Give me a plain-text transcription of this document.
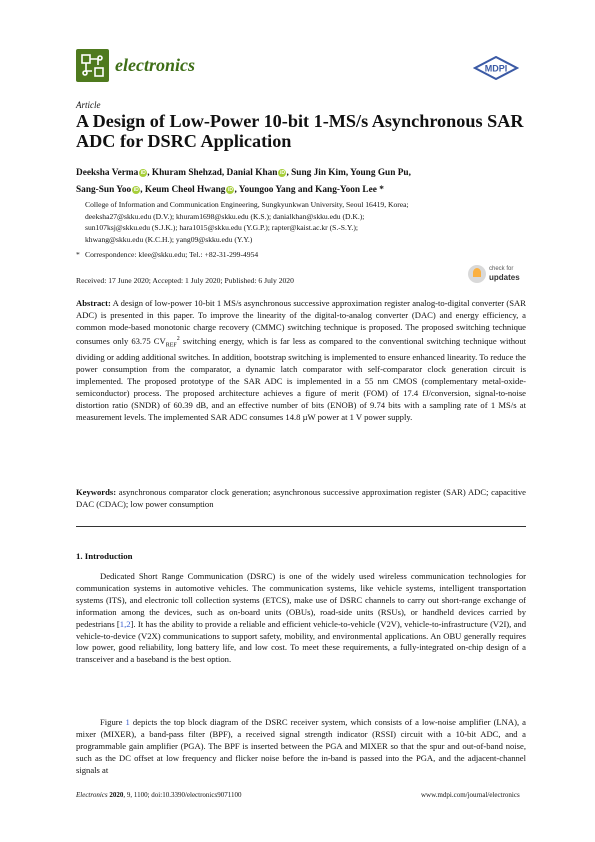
electronics	MDPI
Article
A Design of Low-Power 10-bit 1-MS/s Asynchronous SAR ADC for DSRC Application
Deeksha Verma iD , Khuram Shehzad, Danial Khan iD , Sung Jin Kim, Young Gun Pu,
Sang-Sun Yoo iD , Keum Cheol Hwang iD , Youngoo Yang and Kang-Yoon Lee *

College of Information and Communication Engineering, Sungkyunkwan University, Seoul 16419, Korea;

deeksha27@skku.edu (D.V.); khuram1698@skku.edu (K.S.); danialkhan@skku.edu (D.K.);

sun107ksj@skku.edu (S.J.K.); hara1015@skku.edu (Y.G.P.); rapter@kaist.ac.kr (S.-S.Y.);

khwang@skku.edu (K.C.H.); yang09@skku.edu (Y.Y.)

* Correspondence: klee@skku.edu; Tel.: +82-31-299-4954
Received: 17 June 2020; Accepted: 1 July 2020; Published: 6 July 2020
check for
updates
Abstract: A design of low-power 10-bit 1 MS/s asynchronous successive approximation register analog-to-digital converter (SAR ADC) is presented in this paper. To improve the linearity of the digital-to-analog converter (DAC) and energy efficiency, a common mode-based monotonic charge recovery (CMMC) switching technique is proposed. The proposed switching technique consumes only 63.75 $CV_{REF}^2$ switching energy, which is far less as compared to the conventional switching technique without dividing or adding additional switches. In addition, bootstrap switching is implemented to ensure enhanced linearity. To reduce the power consumption from the comparator, a dynamic latch comparator with self-comparator clock generation circuit is implemented. The proposed prototype of the SAR ADC is implemented in a 55 nm CMOS (complementary metal-oxide-semiconductor) process. The proposed architecture achieves a figure of merit (FOM) of 17.4 fJ/conversion, signal-to-noise distortion ratio (SNDR) of 60.39 dB, and an effective number of bits (ENOB) of 9.74 bits with a sampling rate of 1 MS/s at measurement levels. The implemented SAR ADC consumes 14.8 µW power at 1 V power supply.
Keywords: asynchronous comparator clock generation; asynchronous successive approximation register (SAR) ADC; capacitive DAC (CDAC); low power consumption
1. Introduction

Dedicated Short Range Communication (DSRC) is one of the widely used wireless communication technologies for communication systems in automotive vehicles. The communication systems, like vehicle systems, intelligent transportation systems (ITS), and electronic toll collection systems (ETCS), make use of DSRC channels to carry out short-range exchange of information among the devices, such as on-board units (OBUs), road-side units (RSUs), or handheld devices carried by pedestrians [1,2]. It has the ability to provide a reliable and efficient vehicle-to-vehicle (V2V), vehicle-to-infrastructure (V2I), and vehicle-to-device (V2X) communications to support safety, mobility, and environmental applications. An OBU generally requires low power, good reliability, long battery life, and low cost. To meet these requirements, a fully-integrated on-chip design of a transceiver and a baseband is the best option.

Figure 1 depicts the top block diagram of the DSRC receiver system, which consists of a low-noise amplifier (LNA), a mixer (MIXER), a band-pass filter (BPF), a received signal strength indicator (RSSI) circuit with a 10-bit ADC, and a programmable gain amplifier (PGA). The BPF is inserted between the PGA and MIXER so that the spur and out-of-band noise, such as the DC offset at low frequency and flicker noise before the in-band is passed into the PGA, and the adjacent-channel signals at

Electronics 2020, 9, 1100; doi:10.3390/electronics9071100	www.mdpi.com/journal/electronics
